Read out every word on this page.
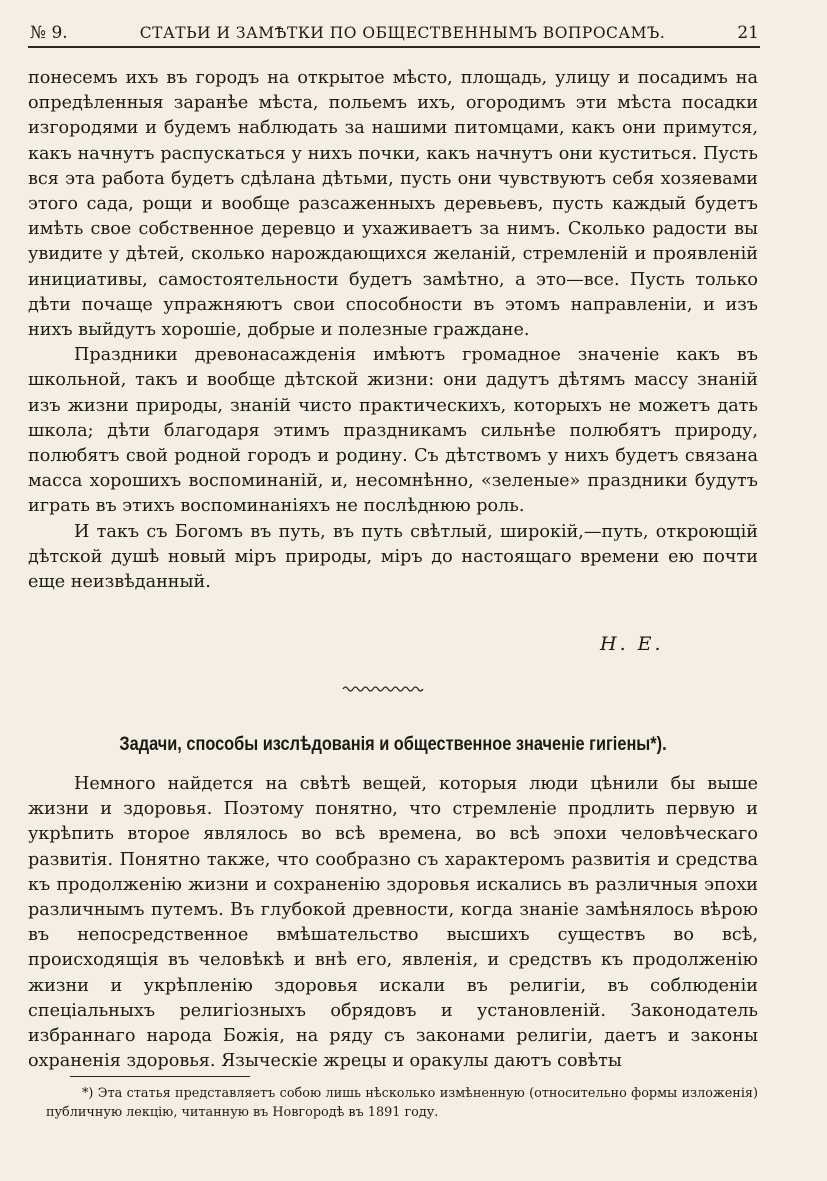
№ 9.	СТАТЬИ И ЗАМѢТКИ ПО ОБЩЕСТВЕННЫМЪ ВОПРОСАМЪ.	21

понесемъ ихъ въ городъ на открытое мѣсто, площадь, улицу и посадимъ на опредѣленныя заранѣе мѣста, польемъ ихъ, огородимъ эти мѣста посадки изгородями и будемъ наблюдать за нашими питомцами, какъ они примутся, какъ начнутъ распускаться у нихъ почки, какъ начнутъ они куститься. Пусть вся эта работа будетъ сдѣлана дѣтьми, пусть они чувствуютъ себя хозяевами этого сада, рощи и вообще разсаженныхъ деревьевъ, пусть каждый будетъ имѣть свое собственное деревцо и ухаживаетъ за нимъ. Сколько радости вы увидите у дѣтей, сколько нарождающихся желаній, стремленій и проявленій инициативы, самостоятельности будетъ замѣтно, а это—все. Пусть только дѣти почаще упражняютъ свои способности въ этомъ направленіи, и изъ нихъ выйдутъ хорошіе, добрые и полезные граждане.

Праздники древонасажденія имѣютъ громадное значеніе какъ въ школьной, такъ и вообще дѣтской жизни: они дадутъ дѣтямъ массу знаній изъ жизни природы, знаній чисто практическихъ, которыхъ не можетъ дать школа; дѣти благодаря этимъ праздникамъ сильнѣе полюбятъ природу, полюбятъ свой родной городъ и родину. Съ дѣтствомъ у нихъ будетъ связана масса хорошихъ воспоминаній, и, несомнѣнно, «зеленые» праздники будутъ играть въ этихъ воспоминаніяхъ не послѣднюю роль.

И такъ съ Богомъ въ путь, въ путь свѣтлый, широкій,—путь, откроющій дѣтской душѣ новый міръ природы, міръ до настоящаго времени ею почти еще неизвѣданный.

Н. Е.
Задачи, способы изслѣдованія и общественное значеніе гигіены*).

Немного найдется на свѣтѣ вещей, которыя люди цѣнили бы выше жизни и здоровья. Поэтому понятно, что стремленіе продлить первую и укрѣпить второе являлось во всѣ времена, во всѣ эпохи человѣческаго развитія. Понятно также, что сообразно съ характеромъ развитія и средства къ продолженію жизни и сохраненію здоровья искались въ различныя эпохи различнымъ путемъ. Въ глубокой древности, когда знаніе замѣнялось вѣрою въ непосредственное вмѣшательство высшихъ существъ во всѣ, происходящія въ человѣкѣ и внѣ его, явленія, и средствъ къ продолженію жизни и укрѣпленію здоровья искали въ религіи, въ соблюденіи спеціальныхъ религіозныхъ обрядовъ и установленій. Законодатель избраннаго народа Божія, на ряду съ законами религіи, даетъ и законы охраненія здоровья. Языческіе жрецы и оракулы даютъ совѣты

*) Эта статья представляетъ собою лишь нѣсколько измѣненную (относительно формы изложенія) публичную лекцію, читанную въ Новгородѣ въ 1891 году.
